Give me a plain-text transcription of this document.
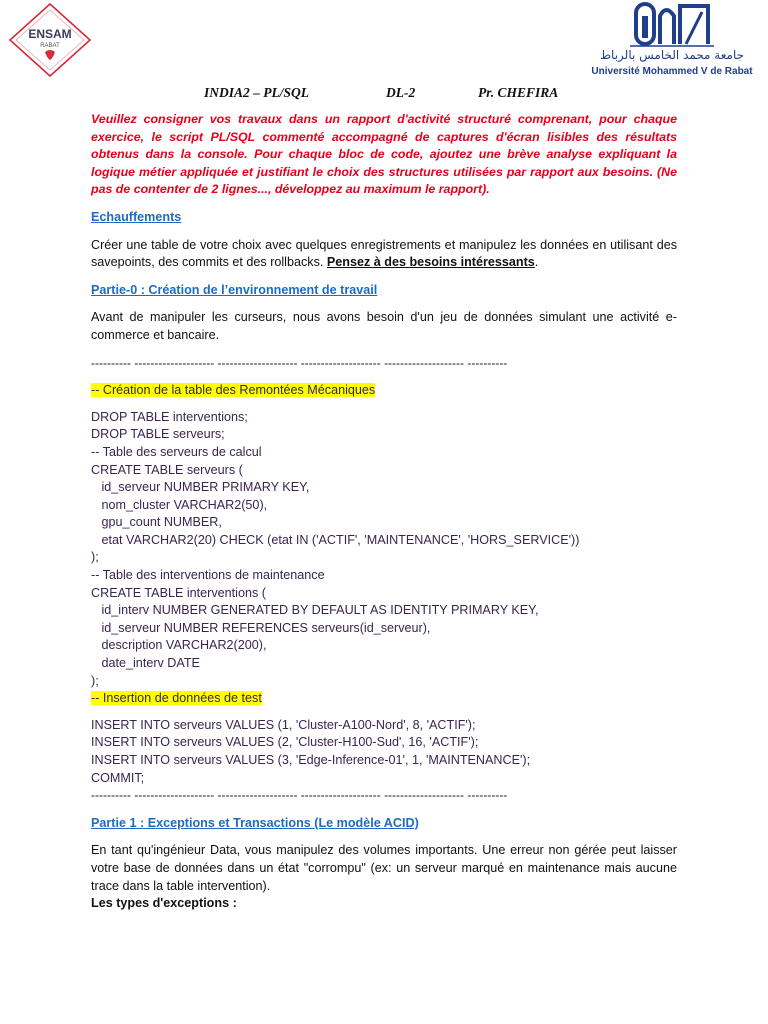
ENSAM
RABAT
جامعة محمد الخامس بالرباط
Université Mohammed V de Rabat
INDIA2 – PL/SQL	DL-2	Pr. CHEFIRA

Veuillez consigner vos travaux dans un rapport d'activité structuré comprenant, pour chaque exercice, le script PL/SQL commenté accompagné de captures d'écran lisibles des résultats obtenus dans la console. Pour chaque bloc de code, ajoutez une brève analyse expliquant la logique métier appliquée et justifiant le choix des structures utilisées par rapport aux besoins. (Ne pas de contenter de 2 lignes..., développez au maximum le rapport).

Echauffements

Créer une table de votre choix avec quelques enregistrements et manipulez les données en utilisant des savepoints, des commits et des rollbacks. Pensez à des besoins intéressants.

Partie-0 : Création de l’environnement de travail

Avant de manipuler les curseurs, nous avons besoin d'un jeu de données simulant une activité e-commerce et bancaire.

---------- -------------------- -------------------- -------------------- -------------------- ----------
-- Création de la table des Remontées Mécaniques
DROP TABLE interventions;
DROP TABLE serveurs;
-- Table des serveurs de calcul
CREATE TABLE serveurs (
id_serveur NUMBER PRIMARY KEY,
nom_cluster VARCHAR2(50),
gpu_count NUMBER,
etat VARCHAR2(20) CHECK (etat IN ('ACTIF', 'MAINTENANCE', 'HORS_SERVICE'))
);
-- Table des interventions de maintenance
CREATE TABLE interventions (
id_interv NUMBER GENERATED BY DEFAULT AS IDENTITY PRIMARY KEY,
id_serveur NUMBER REFERENCES serveurs(id_serveur),
description VARCHAR2(200),
date_interv DATE
);
-- Insertion de données de test
INSERT INTO serveurs VALUES (1, 'Cluster-A100-Nord', 8, 'ACTIF');
INSERT INTO serveurs VALUES (2, 'Cluster-H100-Sud', 16, 'ACTIF');
INSERT INTO serveurs VALUES (3, 'Edge-Inference-01', 1, 'MAINTENANCE');
COMMIT;
---------- -------------------- -------------------- -------------------- -------------------- ----------
Partie 1 : Exceptions et Transactions (Le modèle ACID)

En tant qu'ingénieur Data, vous manipulez des volumes importants. Une erreur non gérée peut laisser votre base de données dans un état "corrompu" (ex: un serveur marqué en maintenance mais aucune trace dans la table intervention).

Les types d'exceptions :
